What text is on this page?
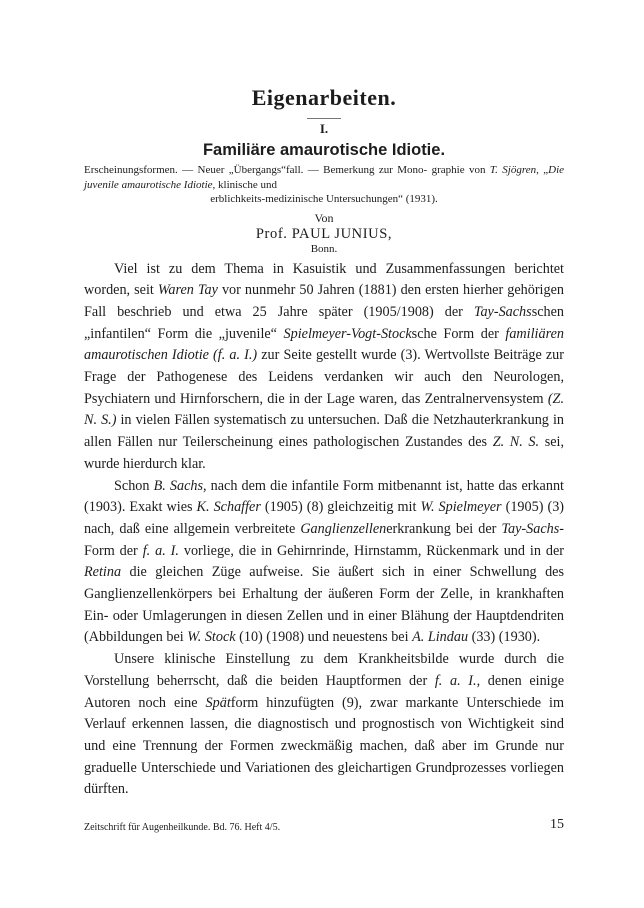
Eigenarbeiten.
I.
Familiäre amaurotische Idiotie.
Erscheinungsformen. — Neuer „Übergangs“fall. — Bemerkung zur Mono- graphie von T. Sjögren, „Die juvenile amaurotische Idiotie, klinische und
erblichkeits-medizinische Untersuchungen“ (1931).
Von
Prof. PAUL JUNIUS,
Bonn.

Viel ist zu dem Thema in Kasuistik und Zusammenfassungen berichtet worden, seit Waren Tay vor nunmehr 50 Jahren (1881) den ersten hierher gehörigen Fall beschrieb und etwa 25 Jahre später (1905/1908) der Tay-Sachsschen „infantilen“ Form die „juvenile“ Spielmeyer-Vogt-Stocksche Form der familiären amaurotischen Idiotie (f. a. I.) zur Seite gestellt wurde (3). Wertvollste Beiträge zur Frage der Pathogenese des Leidens verdanken wir auch den Neurologen, Psychiatern und Hirnforschern, die in der Lage waren, das Zentralnervensystem (Z. N. S.) in vielen Fällen systematisch zu untersuchen. Daß die Netzhauterkrankung in allen Fällen nur Teilerscheinung eines pathologischen Zustandes des Z. N. S. sei, wurde hierdurch klar.

Schon B. Sachs, nach dem die infantile Form mitbenannt ist, hatte das erkannt (1903). Exakt wies K. Schaffer (1905) (8) gleichzeitig mit W. Spielmeyer (1905) (3) nach, daß eine allgemein verbreitete Ganglienzellenerkrankung bei der Tay-Sachs-Form der f. a. I. vorliege, die in Gehirnrinde, Hirnstamm, Rückenmark und in der Retina die gleichen Züge aufweise. Sie äußert sich in einer Schwellung des Ganglienzellenkörpers bei Erhaltung der äußeren Form der Zelle, in krankhaften Ein- oder Umlagerungen in diesen Zellen und in einer Blähung der Hauptdendriten (Abbildungen bei W. Stock (10) (1908) und neuestens bei A. Lindau (33) (1930).

Unsere klinische Einstellung zu dem Krankheitsbilde wurde durch die Vorstellung beherrscht, daß die beiden Hauptformen der f. a. I., denen einige Autoren noch eine Spätform hinzufügten (9), zwar markante Unterschiede im Verlauf erkennen lassen, die diagnostisch und prognostisch von Wichtigkeit sind und eine Trennung der Formen zweckmäßig machen, daß aber im Grunde nur graduelle Unterschiede und Variationen des gleichartigen Grundprozesses vorliegen dürften.

Zeitschrift für Augenheilkunde. Bd. 76. Heft 4/5.	15
